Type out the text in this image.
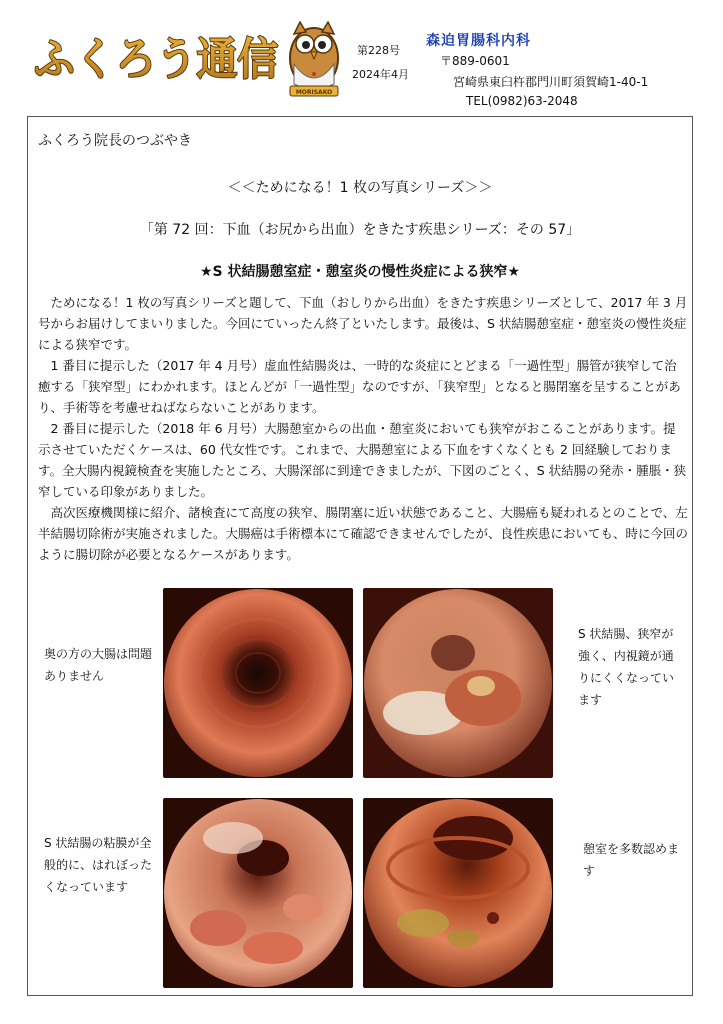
ふくろう通信
MORISAKO
第228号
2024年4月
森迫胃腸科内科
〒889-0601
宮崎県東臼杵郡門川町須賀崎1-40-1
TEL(0982)63-2048
ふくろう院長のつぶやき
＜＜ためになる！1 枚の写真シリーズ＞＞
「第 72 回：下血（お尻から出血）をきたす疾患シリーズ：その 57」
★S 状結腸憩室症・憩室炎の慢性炎症による狭窄★

ためになる！1 枚の写真シリーズと題して、下血（おしりから出血）をきたす疾患シリーズとして、2017 年 3 月号からお届けしてまいりました。今回にていったん終了といたします。最後は、S 状結腸憩室症・憩室炎の慢性炎症による狭窄です。

1 番目に提示した（2017 年 4 月号）虚血性結腸炎は、一時的な炎症にとどまる「一過性型」腸管が狭窄して治癒する「狭窄型」にわかれます。ほとんどが「一過性型」なのですが、「狭窄型」となると腸閉塞を呈することがあり、手術等を考慮せねばならないことがあります。

2 番目に提示した（2018 年 6 月号）大腸憩室からの出血・憩室炎においても狭窄がおこることがあります。提示させていただくケースは、60 代女性です。これまで、大腸憩室による下血をすくなくとも 2 回経験しております。全大腸内視鏡検査を実施したところ、大腸深部に到達できましたが、下図のごとく、S 状結腸の発赤・腫脹・狭窄している印象がありました。

高次医療機関様に紹介、諸検査にて高度の狭窄、腸閉塞に近い状態であること、大腸癌も疑われるとのことで、左半結腸切除術が実施されました。大腸癌は手術標本にて確認できませんでしたが、良性疾患においても、時に今回のように腸切除が必要となるケースがあります。

奥の方の大腸は問題ありません
S 状結腸、狭窄が強く、内視鏡が通りにくくなっています
S 状結腸の粘膜が全般的に、はれぼったくなっています
憩室を多数認めます
